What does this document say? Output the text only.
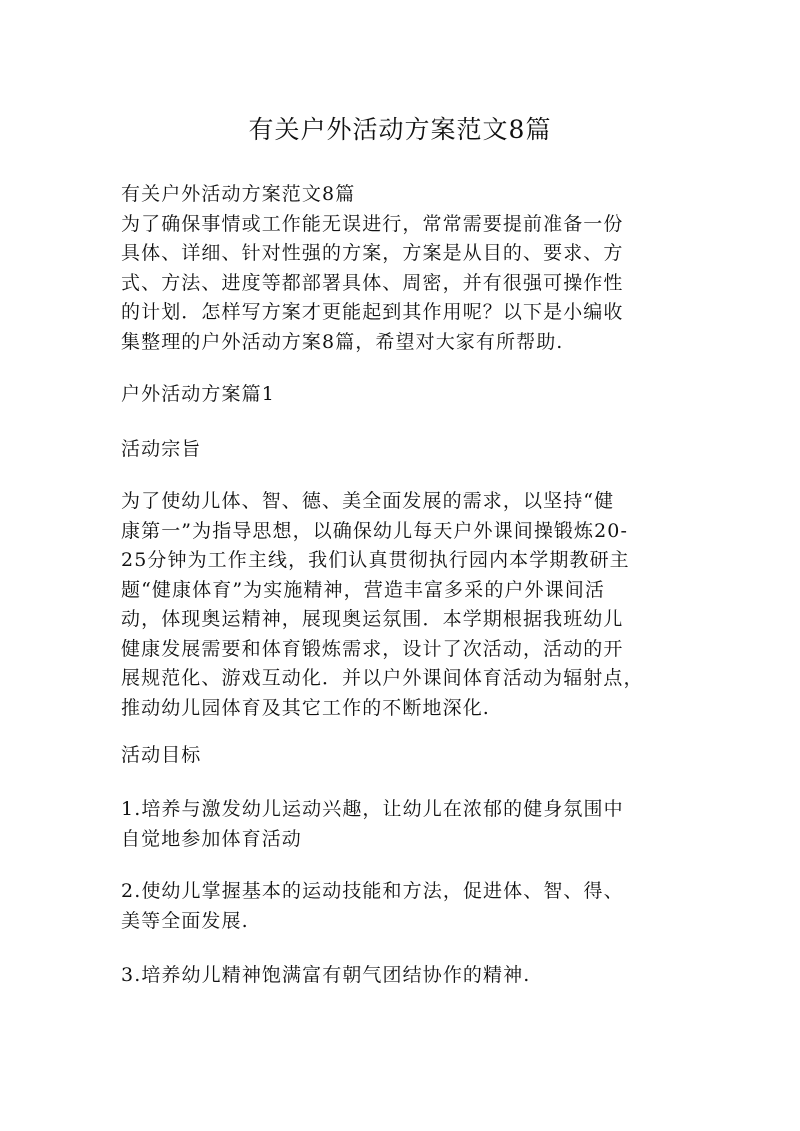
有关户外活动方案范文8篇
有关户外活动方案范文8篇
为了确保事情或工作能无误进行，常常需要提前准备一份
具体、详细、针对性强的方案，方案是从目的、要求、方
式、方法、进度等都部署具体、周密，并有很强可操作性
的计划．怎样写方案才更能起到其作用呢？以下是小编收
集整理的户外活动方案8篇，希望对大家有所帮助.
户外活动方案篇1
活动宗旨
为了使幼儿体、智、德、美全面发展的需求，以坚持“健
康第一”为指导思想，以确保幼儿每天户外课间操锻炼20-
25分钟为工作主线，我们认真贯彻执行园内本学期教研主
题“健康体育”为实施精神，营造丰富多采的户外课间活
动，体现奥运精神，展现奥运氛围．本学期根据我班幼儿
健康发展需要和体育锻炼需求，设计了次活动，活动的开
展规范化、游戏互动化．并以户外课间体育活动为辐射点，
推动幼儿园体育及其它工作的不断地深化.
活动目标
1.培养与激发幼儿运动兴趣，让幼儿在浓郁的健身氛围中
自觉地参加体育活动
2.使幼儿掌握基本的运动技能和方法，促进体、智、得、
美等全面发展.
3.培养幼儿精神饱满富有朝气团结协作的精神.
